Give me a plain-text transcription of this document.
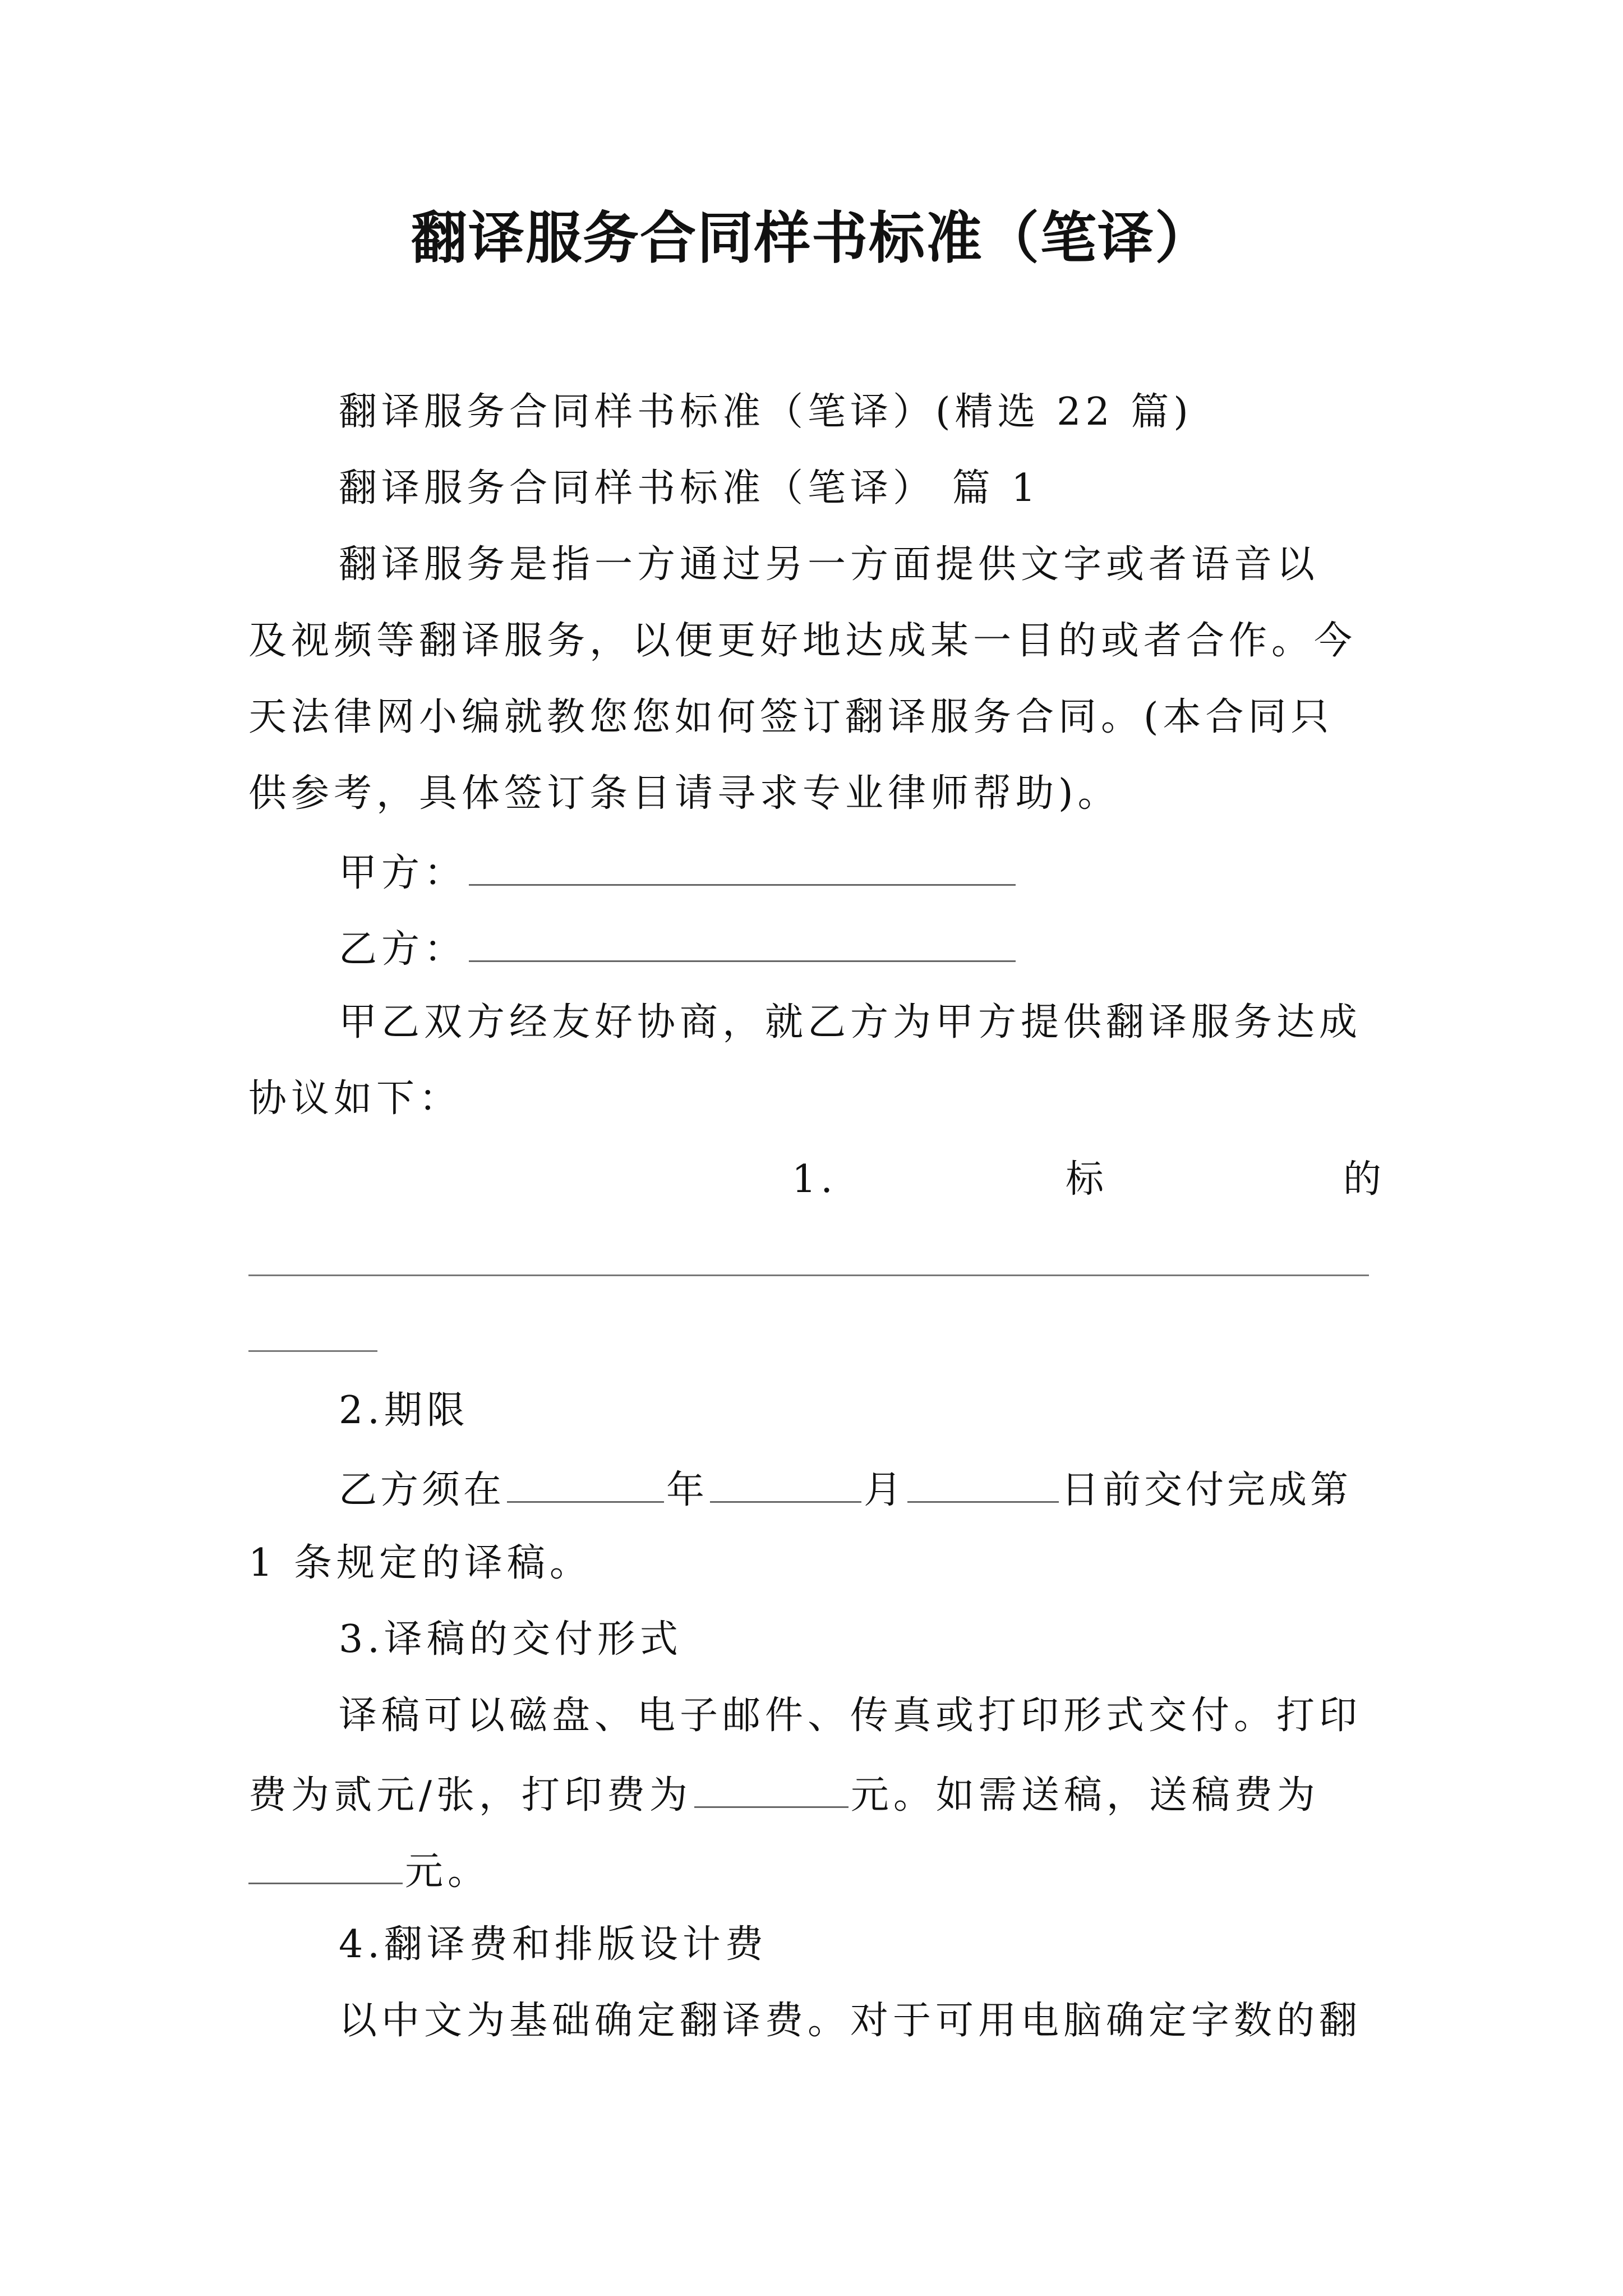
翻译服务合同样书标准（笔译）
翻译服务合同样书标准（笔译）(精选 22 篇)
翻译服务合同样书标准（笔译） 篇 1
翻译服务是指一方通过另一方面提供文字或者语音以
及视频等翻译服务，以便更好地达成某一目的或者合作。今
天法律网小编就教您您如何签订翻译服务合同。(本合同只
供参考，具体签订条目请寻求专业律师帮助)。
甲方：
乙方：
甲乙双方经友好协商，就乙方为甲方提供翻译服务达成
协议如下：
1.	标	的
2.期限
乙方须在	年	月	日前交付完成第
1 条规定的译稿。
3.译稿的交付形式
译稿可以磁盘、电子邮件、传真或打印形式交付。打印
费为贰元/张，打印费为	元。如需送稿，送稿费为
元。
4.翻译费和排版设计费
以中文为基础确定翻译费。对于可用电脑确定字数的翻
